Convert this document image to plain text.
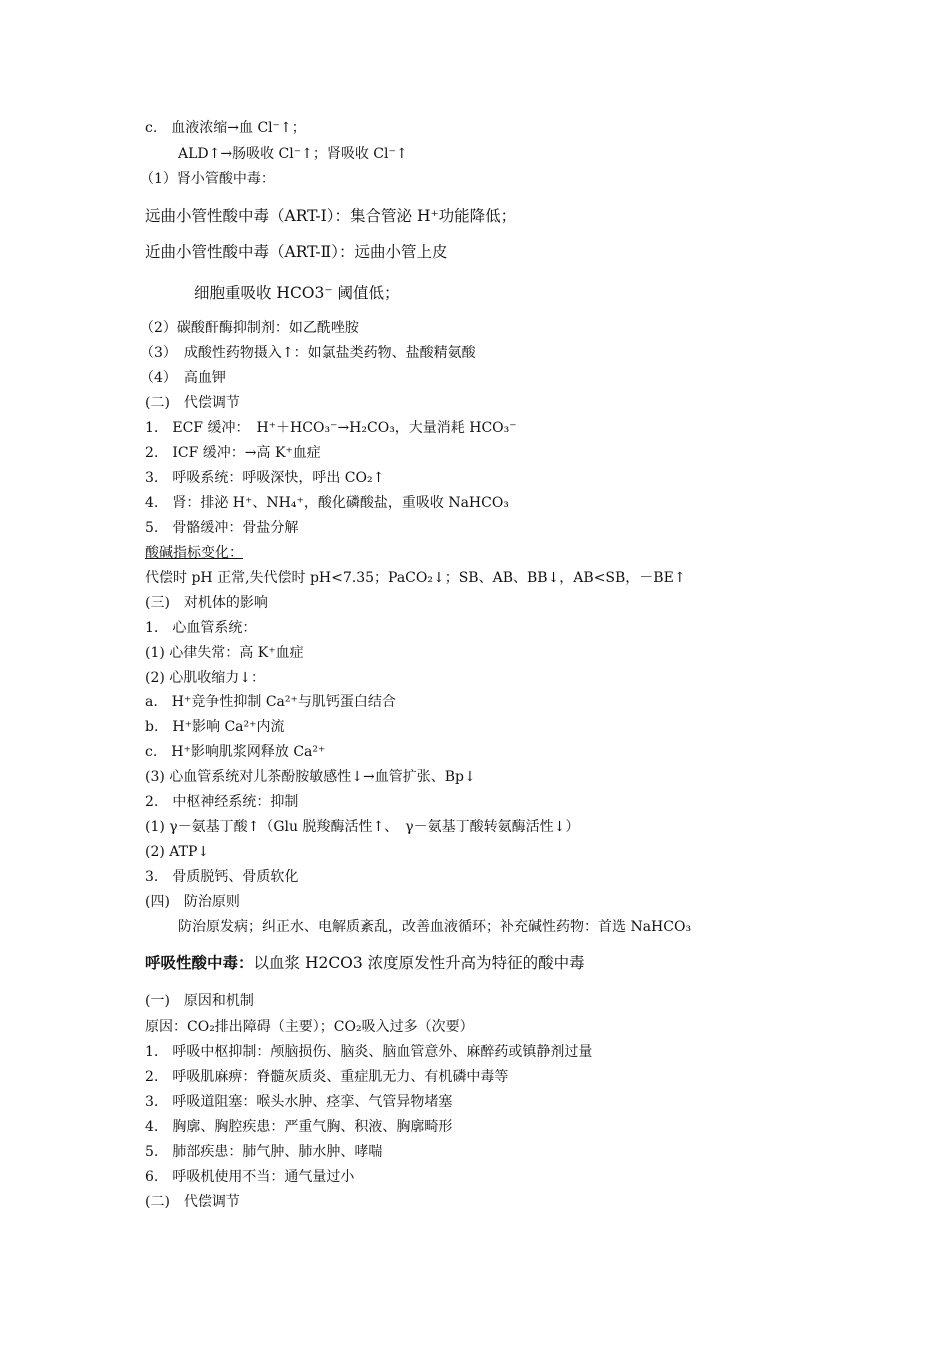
c.　血液浓缩→血 Cl⁻↑；
ALD↑→肠吸收 Cl⁻↑；肾吸收 Cl⁻↑
（1）肾小管酸中毒：
远曲小管性酸中毒（ART-Ⅰ）：集合管泌 H⁺功能降低；
近曲小管性酸中毒（ART-Ⅱ）：远曲小管上皮
细胞重吸收 HCO3⁻ 阈值低；
（2）碳酸酐酶抑制剂：如乙酰唑胺
（3）　成酸性药物摄入↑：如氯盐类药物、盐酸精氨酸
（4）　高血钾
(二)　代偿调节
1.　ECF 缓冲：　H⁺＋HCO₃⁻→H₂CO₃，大量消耗 HCO₃⁻
2.　ICF 缓冲：→高 K⁺血症
3.　呼吸系统：呼吸深快，呼出 CO₂↑
4.　肾：排泌 H⁺、NH₄⁺，酸化磷酸盐，重吸收 NaHCO₃
5.　骨骼缓冲：骨盐分解
酸碱指标变化：
代偿时 pH 正常,失代偿时 pH<7.35；PaCO₂↓；SB、AB、BB↓，AB<SB，－BE↑
(三)　对机体的影响
1.　心血管系统：
(1) 心律失常：高 K⁺血症
(2) 心肌收缩力↓：
a.　H⁺竞争性抑制 Ca²⁺与肌钙蛋白结合
b.　H⁺影响 Ca²⁺内流
c.　H⁺影响肌浆网释放 Ca²⁺
(3) 心血管系统对儿茶酚胺敏感性↓→血管扩张、Bp↓
2.　中枢神经系统：抑制
(1) γ－氨基丁酸↑（Glu 脱羧酶活性↑、　γ－氨基丁酸转氨酶活性↓）
(2) ATP↓
3.　骨质脱钙、骨质软化
(四)　防治原则
防治原发病；纠正水、电解质紊乱，改善血液循环；补充碱性药物：首选 NaHCO₃
呼吸性酸中毒：以血浆 H2CO3 浓度原发性升高为特征的酸中毒
(一)　原因和机制
原因：CO₂排出障碍（主要）；CO₂吸入过多（次要）
1.　呼吸中枢抑制：颅脑损伤、脑炎、脑血管意外、麻醉药或镇静剂过量
2.　呼吸肌麻痹：脊髓灰质炎、重症肌无力、有机磷中毒等
3.　呼吸道阻塞：喉头水肿、痉挛、气管异物堵塞
4.　胸廓、胸腔疾患：严重气胸、积液、胸廓畸形
5.　肺部疾患：肺气肿、肺水肿、哮喘
6.　呼吸机使用不当：通气量过小
(二)　代偿调节
